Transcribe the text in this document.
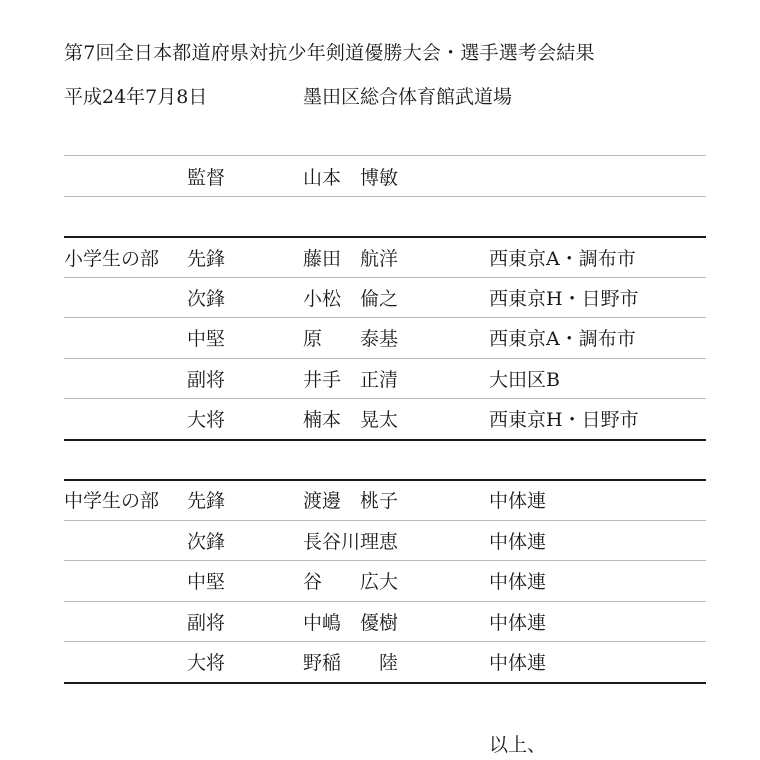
第7回全日本都道府県対抗少年剣道優勝大会・選手選考会結果
平成24年7月8日	墨田区総合体育館武道場
監督	山本　博敏
小学生の部 先鋒	藤田　航洋	西東京A・調布市
次鋒	小松　倫之	西東京H・日野市
中堅	原　　泰基	西東京A・調布市
副将	井手　正清	大田区B
大将	楠本　晃太	西東京H・日野市
中学生の部 先鋒	渡邊　桃子	中体連
次鋒	長谷川理恵	中体連
中堅	谷　　広大	中体連
副将	中嶋　優樹	中体連
大将	野稲　　陸	中体連
以上、
